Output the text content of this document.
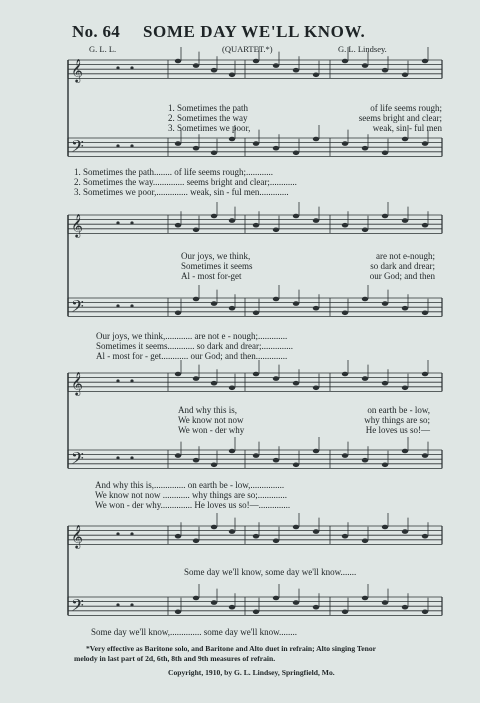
No. 64 SOME DAY WE'LL KNOW.
G. L. L.	(QUARTET.*)	G. L. Lindsey.
𝄞
𝄢
𝄞
𝄢
𝄞
𝄢
𝄞
𝄢
1. Sometimes the path
2. Sometimes the way
3. Sometimes we poor,
of life seems rough;
seems bright and clear;
weak, sin - ful men
1. Sometimes the path........ of life seems rough;............
2. Sometimes the way.............. seems bright and clear;............
3. Sometimes we poor,.............. weak, sin - ful men.............
Our joys, we think,
Sometimes it seems
Al - most for-get
are not e-nough;
so dark and drear;
our God; and then
Our joys, we think,............ are not e - nough;.............
Sometimes it seems............ so dark and drear;..............
Al - most for - get............ our God; and then..............
And why this is,
We know not now
We won - der why
on earth be - low,
why things are so;
He loves us so!—
And why this is,.............. on earth be - low,...............
We know not now ............ why things are so;.............
We won - der why.............. He loves us so!—..............
Some day we'll know, some day we'll know.......
Some day we'll know,.............. some day we'll know........
*Very effective as Baritone solo, and Baritone and Alto duet in refrain; Alto singing Tenor
melody in last part of 2d, 6th, 8th and 9th measures of refrain.
Copyright, 1910, by G. L. Lindsey, Springfield, Mo.
